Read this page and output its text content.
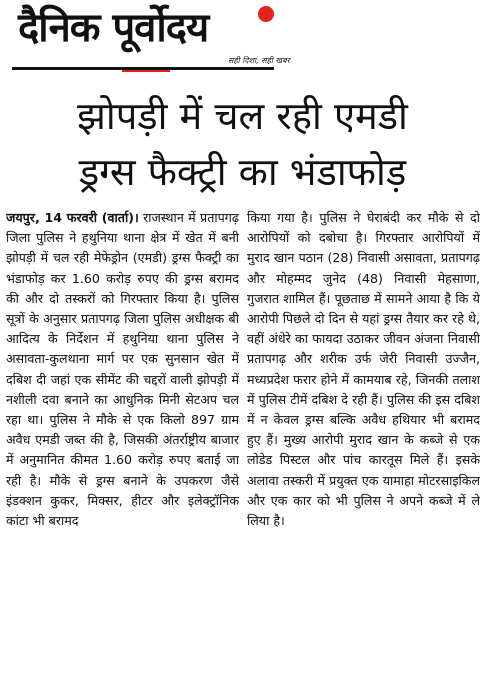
दैनिक पूर्वोदय
सही दिशा, सही खबर
झोपड़ी में चल रही एमडी
ड्रग्स फैक्ट्री का भंडाफोड़
जयपुर, 14 फरवरी (वार्ता)। राजस्थान में प्रतापगढ़ जिला पुलिस ने हथुनिया थाना क्षेत्र में खेत में बनी झोपड़ी में चल रही मेफेड्रोन (एमडी) ड्रग्स फैक्ट्री का भंडाफोड़ कर 1.60 करोड़ रुपए की ड्रग्स बरामद की और दो तस्करों को गिरफ्तार किया है। पुलिस सूत्रों के अनुसार प्रतापगढ़ जिला पुलिस अधीक्षक बी आदित्य के निर्देशन में हथुनिया थाना पुलिस ने असावता-कुलथाना मार्ग पर एक सुनसान खेत में दबिश दी जहां एक सीमेंट की चद्दरों वाली झोपड़ी में नशीली दवा बनाने का आधुनिक मिनी सेटअप चल रहा था। पुलिस ने मौके से एक किलो 897 ग्राम अवैध एमडी जब्त की है, जिसकी अंतर्राष्ट्रीय बाजार में अनुमानित कीमत 1.60 करोड़ रुपए बताई जा रही है। मौके से ड्रग्स बनाने के उपकरण जैसे इंडक्शन कुकर, मिक्सर, हीटर और इलेक्ट्रॉनिक कांटा भी बरामद
किया गया है। पुलिस ने घेराबंदी कर मौके से दो आरोपियों को दबोचा है। गिरफ्तार आरोपियों में मुराद खान पठान (28) निवासी असावता, प्रतापगढ़ और मोहम्मद जुनेद (48) निवासी मेहसाणा, गुजरात शामिल हैं। पूछताछ में सामने आया है कि ये आरोपी पिछले दो दिन से यहां ड्रग्स तैयार कर रहे थे, वहीं अंधेरे का फायदा उठाकर जीवन अंजना निवासी प्रतापगढ़ और शरीक उर्फ जेरी निवासी उज्जैन, मध्यप्रदेश फरार होने में कामयाब रहे, जिनकी तलाश में पुलिस टीमें दबिश दे रही हैं। पुलिस की इस दबिश में न केवल ड्रग्स बल्कि अवैध हथियार भी बरामद हुए हैं। मुख्य आरोपी मुराद खान के कब्जे से एक लोडेड पिस्टल और पांच कारतूस मिले हैं। इसके अलावा तस्करी में प्रयुक्त एक यामाहा मोटरसाइकिल और एक कार को भी पुलिस ने अपने कब्जे में ले लिया है।
